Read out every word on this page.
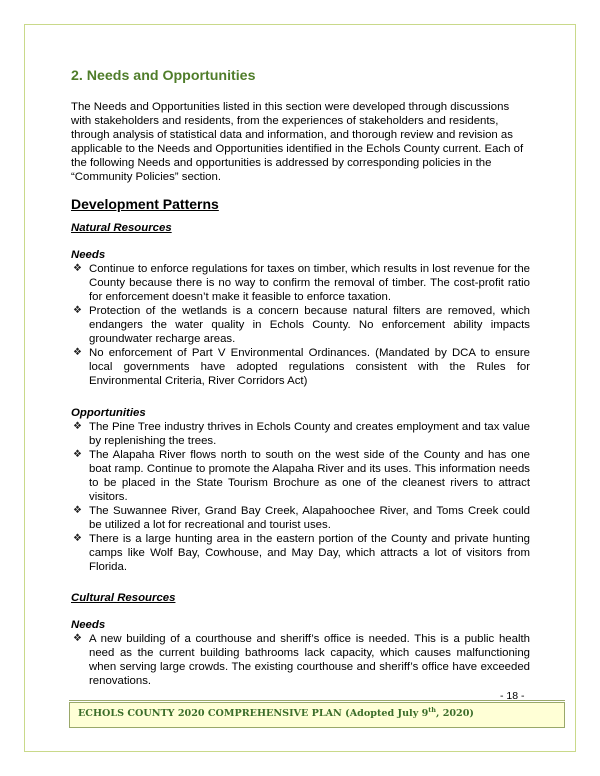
2. Needs and Opportunities

The Needs and Opportunities listed in this section were developed through discussions with stakeholders and residents, from the experiences of stakeholders and residents, through analysis of statistical data and information, and thorough review and revision as applicable to the Needs and Opportunities identified in the Echols County current. Each of the following Needs and opportunities is addressed by corresponding policies in the “Community Policies” section.

Development Patterns
Natural Resources
Needs
❖ Continue to enforce regulations for taxes on timber, which results in lost revenue for the County because there is no way to confirm the removal of timber. The cost-profit ratio for enforcement doesn’t make it feasible to enforce taxation.
❖ Protection of the wetlands is a concern because natural filters are removed, which endangers the water quality in Echols County. No enforcement ability impacts groundwater recharge areas.
❖ No enforcement of Part V Environmental Ordinances. (Mandated by DCA to ensure local governments have adopted regulations consistent with the Rules for Environmental Criteria, River Corridors Act)
Opportunities
❖ The Pine Tree industry thrives in Echols County and creates employment and tax value by replenishing the trees.
❖ The Alapaha River flows north to south on the west side of the County and has one boat ramp. Continue to promote the Alapaha River and its uses. This information needs to be placed in the State Tourism Brochure as one of the cleanest rivers to attract visitors.
❖ The Suwannee River, Grand Bay Creek, Alapahoochee River, and Toms Creek could be utilized a lot for recreational and tourist uses.
❖ There is a large hunting area in the eastern portion of the County and private hunting camps like Wolf Bay, Cowhouse, and May Day, which attracts a lot of visitors from Florida.
Cultural Resources
Needs
❖ A new building of a courthouse and sheriff’s office is needed. This is a public health need as the current building bathrooms lack capacity, which causes malfunctioning when serving large crowds. The existing courthouse and sheriff’s office have exceeded renovations.
- 18 -
ECHOLS COUNTY 2020 COMPREHENSIVE PLAN (Adopted July 9th, 2020)
